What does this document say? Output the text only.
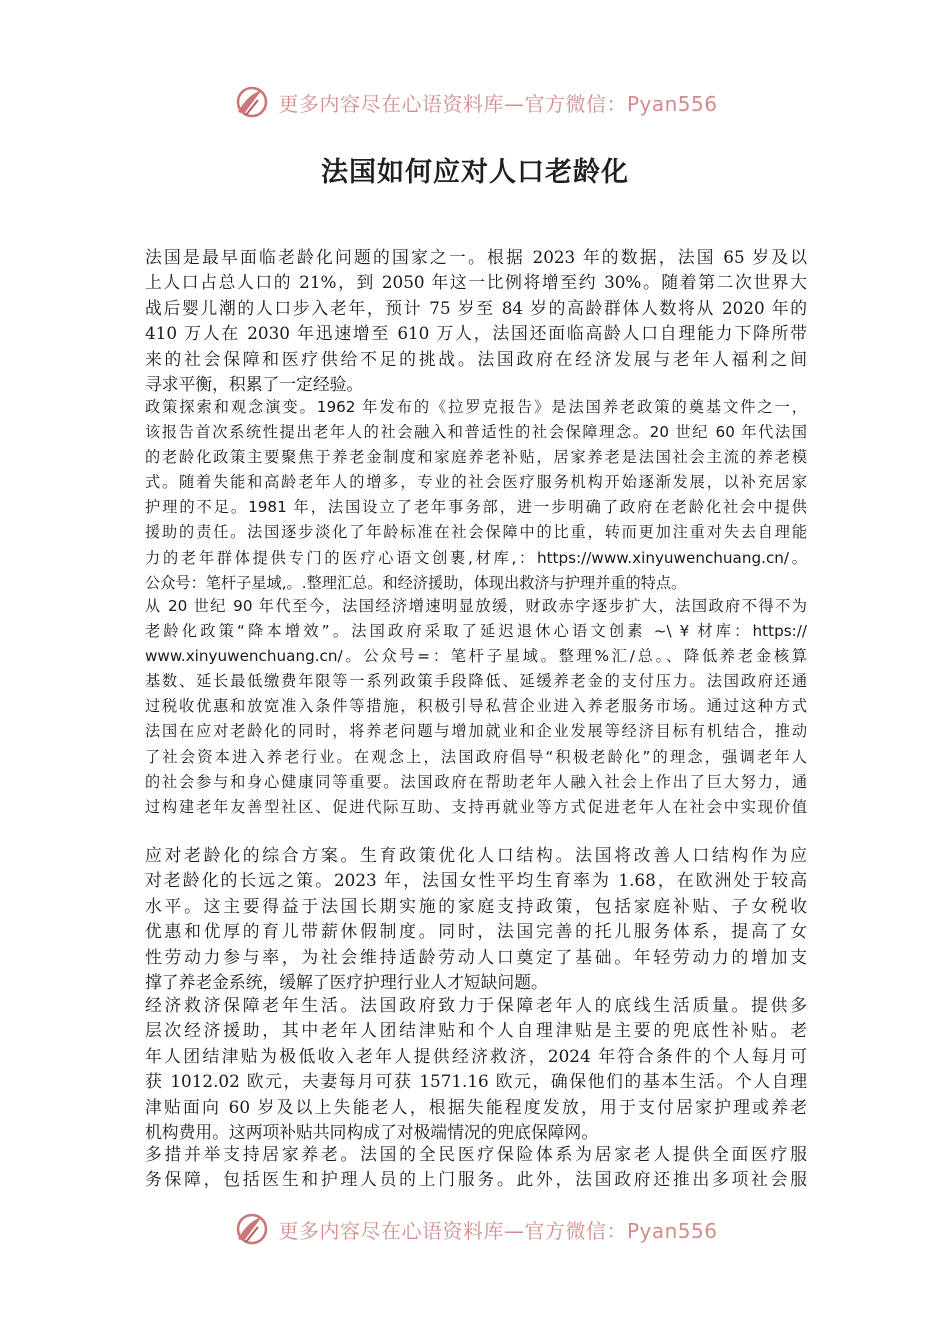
更多内容尽在心语资料库—官方微信：Pyan556
法国如何应对人口老龄化
法国是最早面临老龄化问题的国家之一。根据 2023 年的数据，法国 65 岁及以
上人口占总人口的 21%，到 2050 年这一比例将增至约 30%。随着第二次世界大
战后婴儿潮的人口步入老年，预计 75 岁至 84 岁的高龄群体人数将从 2020 年的
410 万人在 2030 年迅速增至 610 万人，法国还面临高龄人口自理能力下降所带
来的社会保障和医疗供给不足的挑战。法国政府在经济发展与老年人福利之间
寻求平衡，积累了一定经验。
政策探索和观念演变。1962 年发布的《拉罗克报告》是法国养老政策的奠基文件之一，
该报告首次系统性提出老年人的社会融入和普适性的社会保障理念。20 世纪 60 年代法国
的老龄化政策主要聚焦于养老金制度和家庭养老补贴，居家养老是法国社会主流的养老模
式。随着失能和高龄老年人的增多，专业的社会医疗服务机构开始逐渐发展，以补充居家
护理的不足。1981 年，法国设立了老年事务部，进一步明确了政府在老龄化社会中提供
援助的责任。法国逐步淡化了年龄标准在社会保障中的比重，转而更加注重对失去自理能
力的老年群体提供专门的医疗心语文创裹,材库,：https://www.xinyuwenchuang.cn/。
公众号：笔杆子星域,。.整理汇总。和经济援助，体现出救济与护理并重的特点。
从 20 世纪 90 年代至今，法国经济增速明显放缓，财政赤字逐步扩大，法国政府不得不为
老龄化政策“降本增效”。法国政府采取了延迟退休心语文创素 ~\ ¥ 材库：https://
www.xinyuwenchuang.cn/。公众号=：笔杆子星域。整理%汇/总。、降低养老金核算
基数、延长最低缴费年限等一系列政策手段降低、延缓养老金的支付压力。法国政府还通
过税收优惠和放宽准入条件等措施，积极引导私营企业进入养老服务市场。通过这种方式
法国在应对老龄化的同时，将养老问题与增加就业和企业发展等经济目标有机结合，推动
了社会资本进入养老行业。在观念上，法国政府倡导“积极老龄化”的理念，强调老年人
的社会参与和身心健康同等重要。法国政府在帮助老年人融入社会上作出了巨大努力，通
过构建老年友善型社区、促进代际互助、支持再就业等方式促进老年人在社会中实现价值
应对老龄化的综合方案。生育政策优化人口结构。法国将改善人口结构作为应
对老龄化的长远之策。2023 年，法国女性平均生育率为 1.68，在欧洲处于较高
水平。这主要得益于法国长期实施的家庭支持政策，包括家庭补贴、子女税收
优惠和优厚的育儿带薪休假制度。同时，法国完善的托儿服务体系，提高了女
性劳动力参与率，为社会维持适龄劳动人口奠定了基础。年轻劳动力的增加支
撑了养老金系统，缓解了医疗护理行业人才短缺问题。
经济救济保障老年生活。法国政府致力于保障老年人的底线生活质量。提供多
层次经济援助，其中老年人团结津贴和个人自理津贴是主要的兜底性补贴。老
年人团结津贴为极低收入老年人提供经济救济，2024 年符合条件的个人每月可
获 1012.02 欧元，夫妻每月可获 1571.16 欧元，确保他们的基本生活。个人自理
津贴面向 60 岁及以上失能老人，根据失能程度发放，用于支付居家护理或养老
机构费用。这两项补贴共同构成了对极端情况的兜底保障网。
多措并举支持居家养老。法国的全民医疗保险体系为居家老人提供全面医疗服
务保障，包括医生和护理人员的上门服务。此外，法国政府还推出多项社会服
更多内容尽在心语资料库—官方微信：Pyan556
